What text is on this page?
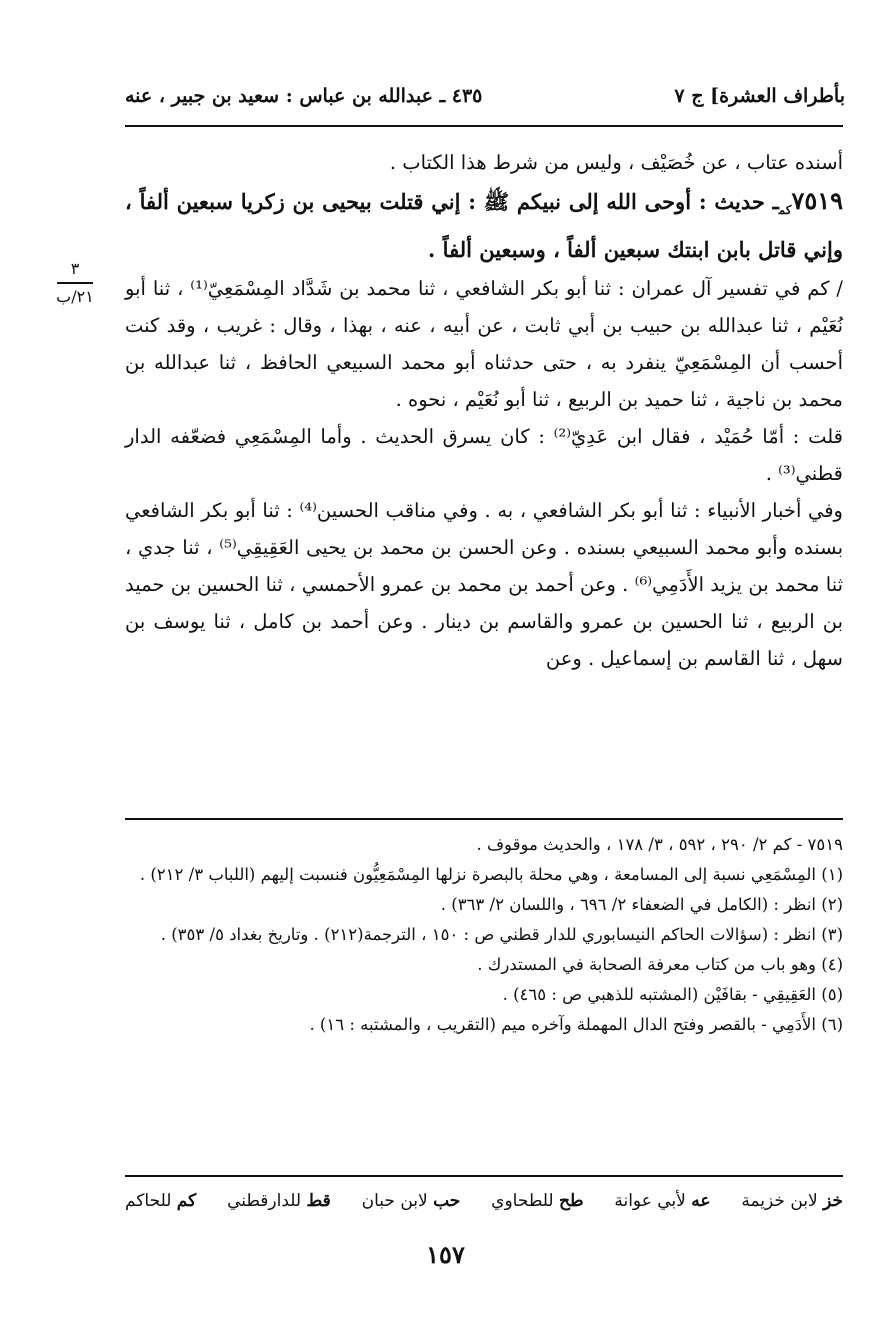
بأطراف العشرة] ج ٧
٤٣٥ ـ عبدالله بن عباس : سعيد بن جبير ، عنه
٣
٢١/ب

أسنده عتاب ، عن خُصَيْف ، وليس من شرط هذا الكتاب .

$٧٥١٩_{كم}ـ$ حديث : أوحى الله إلى نبيكم ﷺ : إني قتلت بيحيى بن زكريا سبعين ألفاً ، وإني قاتل بابن ابنتك سبعين ألفاً ، وسبعين ألفاً .

/ كم في تفسير آل عمران : ثنا أبو بكر الشافعي ، ثنا محمد بن شَدَّاد المِسْمَعِيّ⁽¹⁾ ، ثنا أبو نُعَيْم ، ثنا عبدالله بن حبيب بن أبي ثابت ، عن أبيه ، عنه ، بهذا ، وقال : غريب ، وقد كنت أحسب أن المِسْمَعِيّ ينفرد به ، حتى حدثناه أبو محمد السبيعي الحافظ ، ثنا عبدالله بن محمد بن ناجية ، ثنا حميد بن الربيع ، ثنا أبو نُعَيْم ، نحوه .

قلت : أمّا حُمَيْد ، فقال ابن عَدِيّ⁽²⁾ : كان يسرق الحديث . وأما المِسْمَعِي فضعّفه الدار قطني⁽³⁾ .

وفي أخبار الأنبياء : ثنا أبو بكر الشافعي ، به . وفي مناقب الحسين⁽⁴⁾ : ثنا أبو بكر الشافعي بسنده وأبو محمد السبيعي بسنده . وعن الحسن بن محمد بن يحيى العَقِيقِي⁽⁵⁾ ، ثنا جدي ، ثنا محمد بن يزيد الأَدَمِي⁽⁶⁾ . وعن أحمد بن محمد بن عمرو الأحمسي ، ثنا الحسين بن حميد بن الربيع ، ثنا الحسين بن عمرو والقاسم بن دينار . وعن أحمد بن كامل ، ثنا يوسف بن سهل ، ثنا القاسم بن إسماعيل . وعن

٧٥١٩ - كم ٢/ ٢٩٠ ، ٥٩٢ ، ٣/ ١٧٨ ، والحديث موقوف .

(١) المِسْمَعِي نسبة إلى المسامعة ، وهي محلة بالبصرة نزلها المِسْمَعِيُّون فنسبت إليهم (اللباب ٣/ ٢١٢) .

(٢) انظر : (الكامل في الضعفاء ٢/ ٦٩٦ ، واللسان ٢/ ٣٦٣) .

(٣) انظر : (سؤالات الحاكم النيسابوري للدار قطني ص : ١٥٠ ، الترجمة(٢١٢) . وتاريخ بغداد ٥/ ٣٥٣) .

(٤) وهو باب من كتاب معرفة الصحابة في المستدرك .

(٥) العَقِيقِي - بقافَيْن (المشتبه للذهبي ص : ٤٦٥) .

(٦) الأَدَمِي - بالقصر وفتح الدال المهملة وآخره ميم (التقريب ، والمشتبه : ١٦) .

خز لابن خزيمة
عه لأبي عوانة
طح للطحاوي
حب لابن حبان
قط للدارقطني
كم للحاكم
١٥٧
